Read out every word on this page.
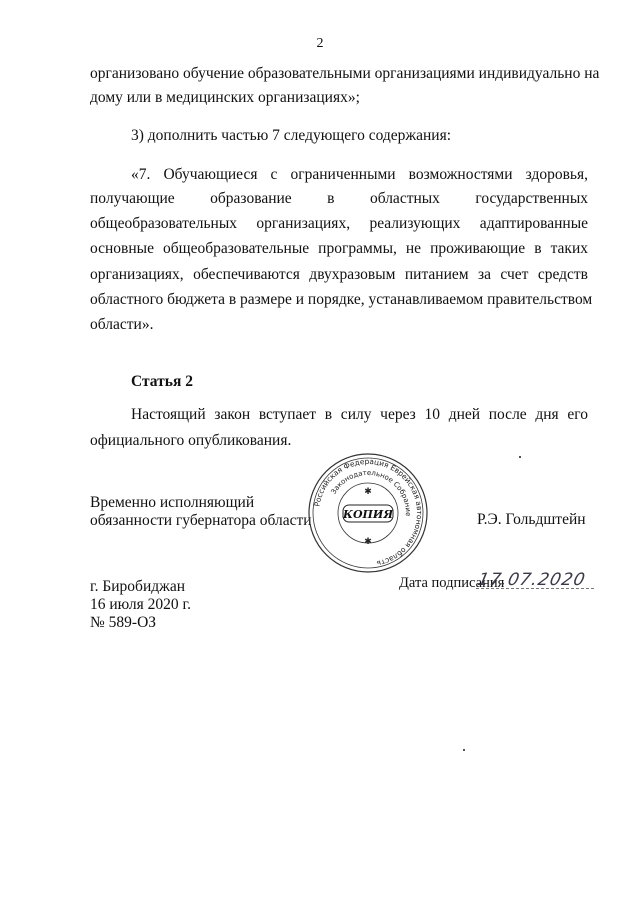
2
организовано обучение образовательными организациями индивидуально на
дому или в медицинских организациях»;
3) дополнить частью 7 следующего содержания:
«7. Обучающиеся с ограниченными возможностями здоровья,
получающие образование в областных государственных
общеобразовательных организациях, реализующих адаптированные
основные общеобразовательные программы, не проживающие в таких
организациях, обеспечиваются двухразовым питанием за счет средств
областного бюджета в размере и порядке, устанавливаемом правительством
области».
Статья 2
Настоящий закон вступает в силу через 10 дней после дня его
официального опубликования.
Временно исполняющий
обязанности губернатора области	Р.Э. Гольдштейн
Российская Федерация Еврейская автономная область
Законодательное Собрание
КОПИЯ
✱
✱
Дата подписания
17.07.2020
г. Биробиджан
16 июля 2020 г.
№ 589-ОЗ
